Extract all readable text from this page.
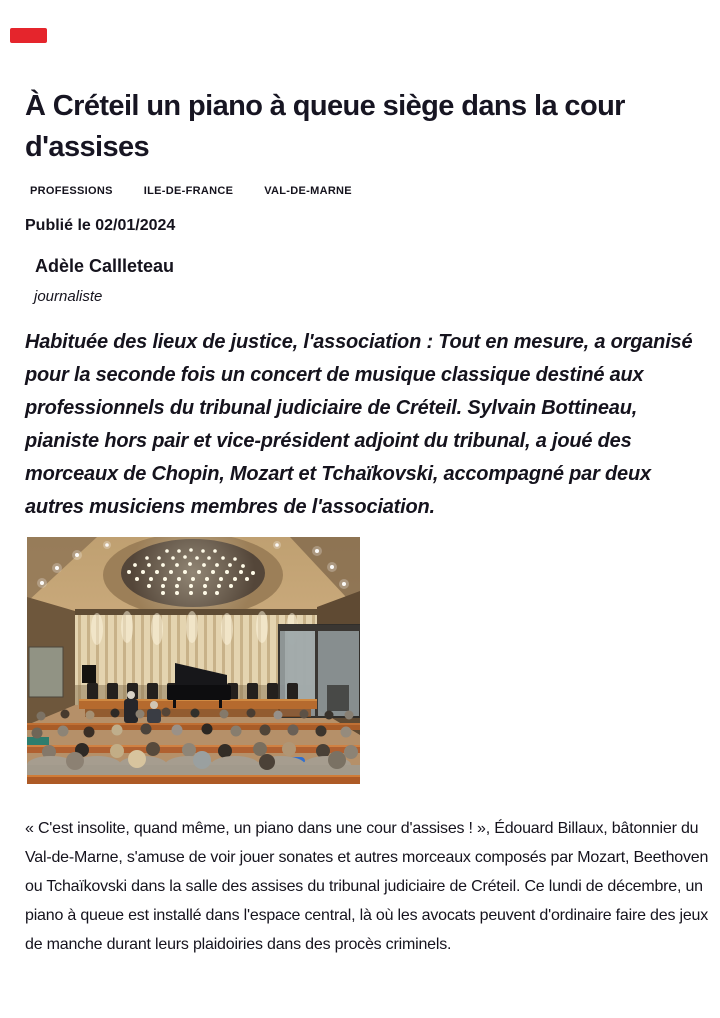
À Créteil un piano à queue siège dans la cour d'assises
PROFESSIONS	ILE-DE-FRANCE	VAL-DE-MARNE

Publié le 02/01/2024

Adèle Callleteau

journaliste

Habituée des lieux de justice, l'association : Tout en mesure, a organisé pour la seconde fois un concert de musique classique destiné aux professionnels du tribunal judiciaire de Créteil. Sylvain Bottineau, pianiste hors pair et vice-président adjoint du tribunal, a joué des morceaux de Chopin, Mozart et Tchaïkovski, accompagné par deux autres musiciens membres de l'association.

« C'est insolite, quand même, un piano dans une cour d'assises ! », Édouard Billaux, bâtonnier du Val-de-Marne, s'amuse de voir jouer sonates et autres morceaux composés par Mozart, Beethoven ou Tchaïkovski dans la salle des assises du tribunal judiciaire de Créteil. Ce lundi de décembre, un piano à queue est installé dans l'espace central, là où les avocats peuvent d'ordinaire faire des jeux de manche durant leurs plaidoiries dans des procès criminels.
